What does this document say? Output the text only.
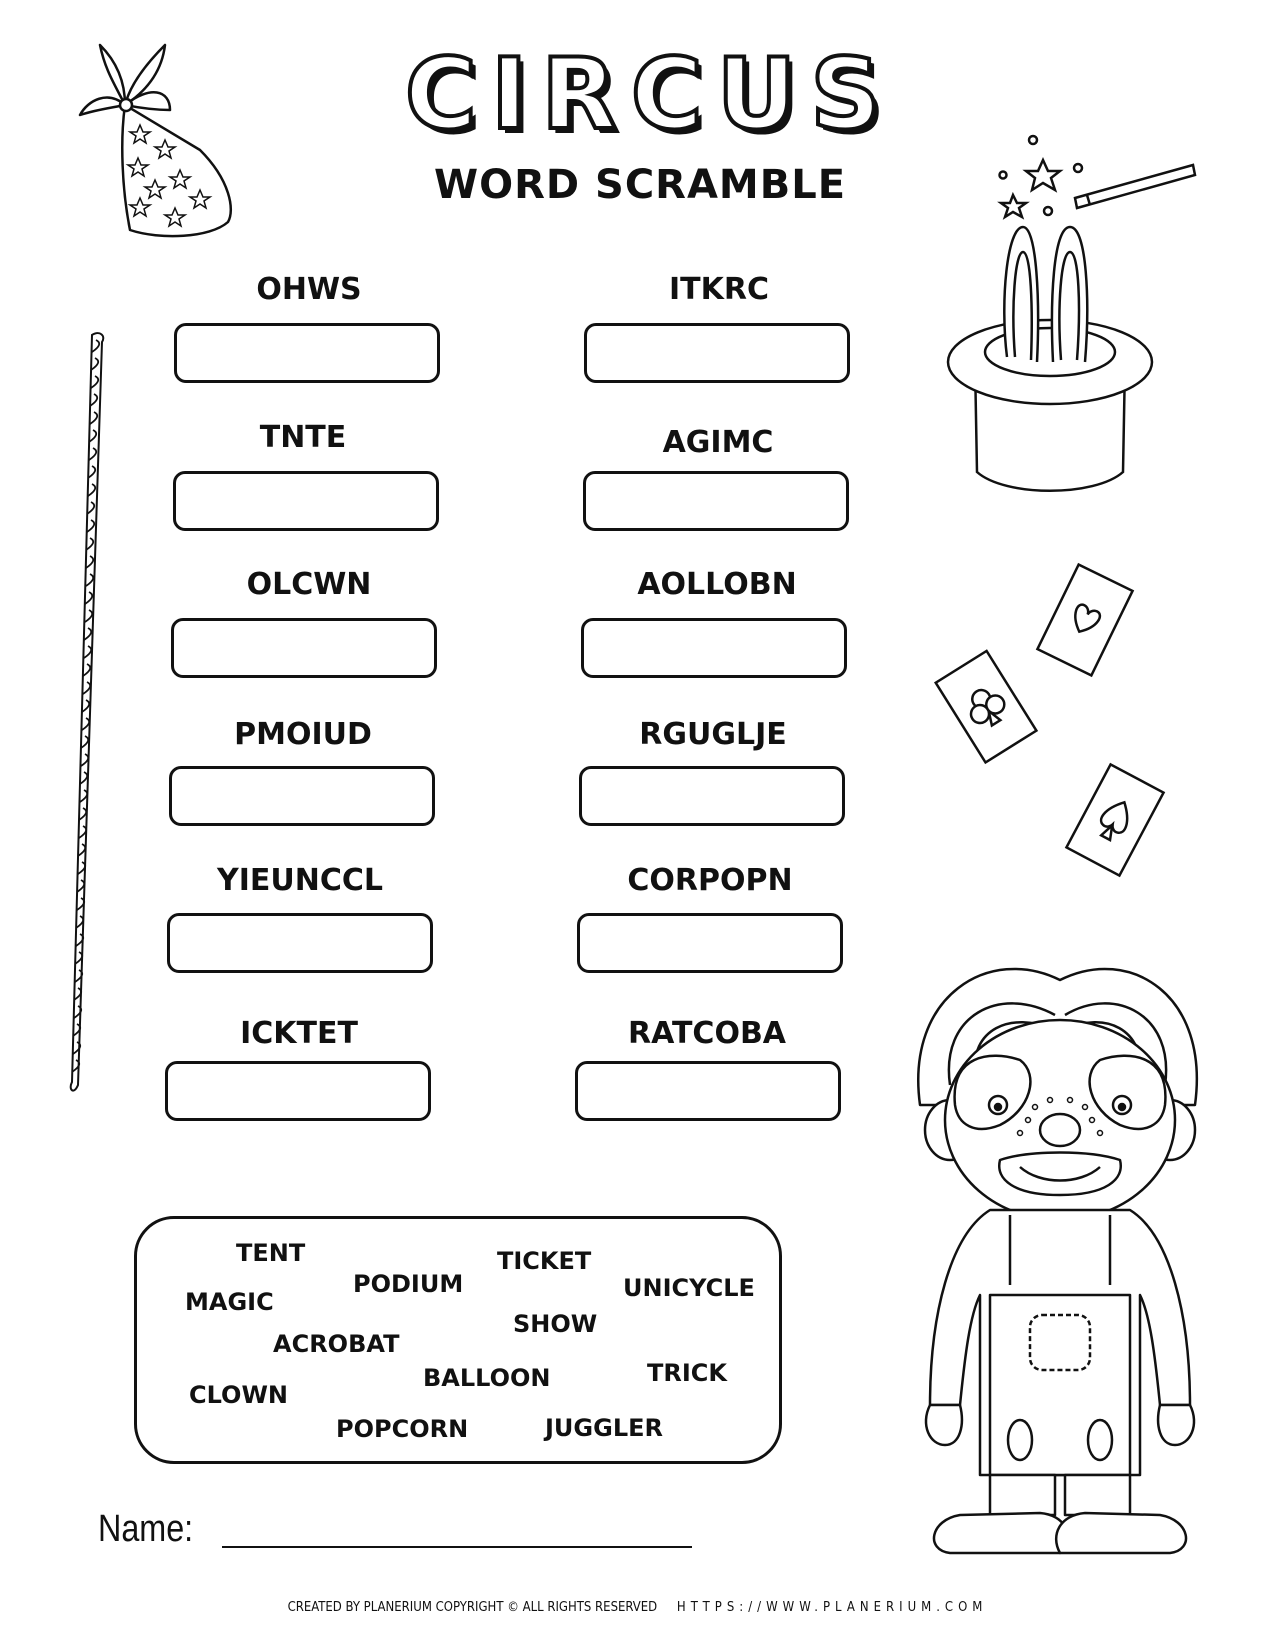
CIRCUS
WORD SCRAMBLE
OHWS	ITKRC
TNTE	AGIMC
OLCWN	AOLLOBN
PMOIUD	RGUGLJE
YIEUNCCL	CORPOPN
ICKTET	RATCOBA
TENT	TICKET
PODIUM	UNICYCLE
MAGIC
SHOW
ACROBAT
TRICK
BALLOON
CLOWN
POPCORN	JUGGLER
Name:
CREATED BY PLANERIUM COPYRIGHT © ALL RIGHTS RESERVED HTTPS://WWW.PLANERIUM.COM
